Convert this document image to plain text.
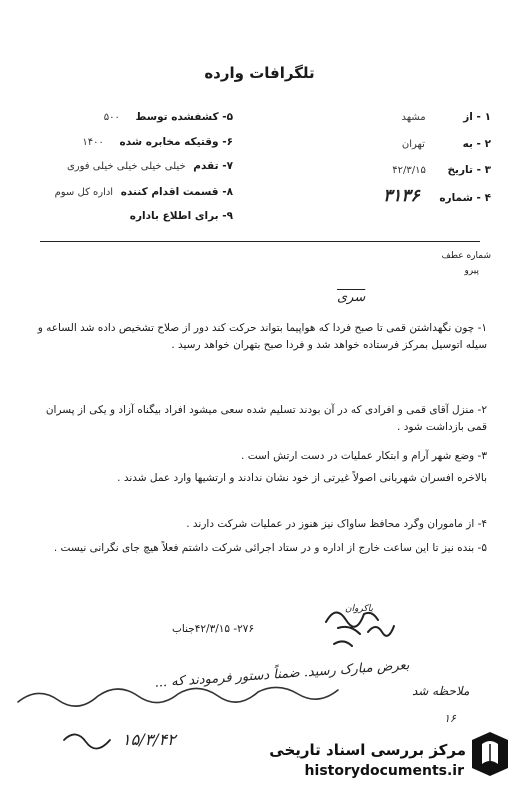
تلگرافات وارده
۱ - از مشهد
۲ - به تهران
۳ - تاریخ ۴۲/۳/۱۵
۴ - شماره ۳۱۳۶
۵- کشفشده توسط ۵۰۰
۶- وقتیکه مخابره شده ۱۴۰۰
۷- تقدم خیلی خیلی خیلی خیلی فوری
۸- قسمت اقدام کننده اداره کل سوم
۹- برای اطلاع باداره
شماره عطف
پیرو
سری
۱- چون نگهداشتن قمی تا صبح فردا که هواپیما بتواند حرکت کند دور از صلاح تشخیص داده شد الساعه و سیله اتوسیل بمرکز فرستاده خواهد شد و فردا صبح بتهران خواهد رسید .
۲- منزل آقای قمی و افرادی که در آن بودند تسلیم شده سعی میشود افراد بیگناه آزاد و یکی از پسران قمی بازداشت شود .
۳- وضع شهر آرام و ابتکار عملیات در دست ارتش است .
بالاخره افسران شهربانی اصولاً غیرتی از خود نشان ندادند و ارتشیها وارد عمل شدند .
۴- از ماموران وگرد محافظ ساواک نیز هنوز در عملیات شرکت دارند .
۵- بنده نیز تا این ساعت خارج از اداره و در ستاد اجرائی شرکت داشتم فعلاً هیچ جای نگرانی نیست .
۲۷۶- ۴۲/۳/۱۵جناب
پاکروان
بعرض مبارک رسید. ضمناً دستور فرمودند که ...
۱۵/۳/۴۲
ملاحظه شد
۱۶
مرکز بررسی اسناد تاریخی
historydocuments.ir
